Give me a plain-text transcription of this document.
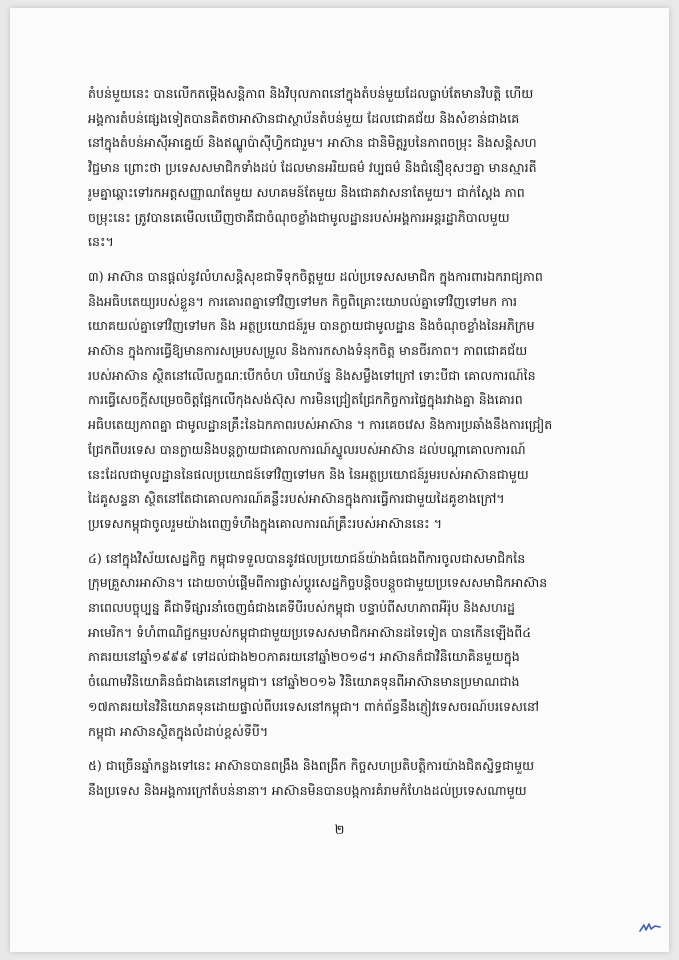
តំបន់មួយនេះ បានលើកតម្កើងសន្តិភាព និងវិបុលភាពនៅក្នុងតំបន់មួយដែលធ្លាប់តែមានវិបត្តិ ហើយ
អង្គការតំបន់ផ្សេងទៀតបានគិតថាអាស៊ានជាស្ថាប័នតំបន់មួយ ដែលជោគជ័យ និងសំខាន់ជាងគេ
នៅក្នុងតំបន់អាស៊ីអាគ្នេយ៍ និងឥណ្ឌូប៉ាស៊ីហ្វិកជារួម។ អាស៊ាន ជានិមិត្តរូបនៃភាពចម្រុះ និងសន្តិសហ
វិជ្ជមាន ព្រោះថា ប្រទេសសមាជិកទាំងដប់ ដែលមានអរិយធម៌ វប្បធម៌ និងជំនឿខុសៗគ្នា មានស្មារតី
រួមគ្នាឆ្ពោះទៅរកអត្តសញ្ញាណតែមួយ សហគមន៍តែមួយ និងជោគវាសនាតែមួយ។ ជាក់ស្តែង ភាព
ចម្រុះនេះ ត្រូវបានគេមើលឃើញថាគឺជាចំណុចខ្លាំងជាមូលដ្ឋានរបស់អង្គការអន្តរដ្ឋាភិបាលមួយ
នេះ។

៣) អាស៊ាន បានផ្តល់នូវលំហសន្តិសុខជាទីទុកចិត្តមួយ ដល់ប្រទេសសមាជិក ក្នុងការពារឯករាជ្យភាព
និងអធិបតេយ្យរបស់ខ្លួន។ ការគោរពគ្នាទៅវិញទៅមក កិច្ចពិគ្រោះយោបល់គ្នាទៅវិញទៅមក ការ
យោគយល់គ្នាទៅវិញទៅមក និង អត្ថប្រយោជន៍រួម បានក្លាយជាមូលដ្ឋាន និងចំណុចខ្លាំងនៃអភិក្រម
អាស៊ាន ក្នុងការធ្វើឱ្យមានការសម្របសម្រួល និងការកសាងទំនុកចិត្ត មានចីរភាព។ ភាពជោគជ័យ
របស់អាស៊ាន ស្ថិតនៅលើលក្ខណៈបើកចំហ បរិយាប័ន្ន និងសម្លឹងទៅក្រៅ ទោះបីជា គោលការណ៍នៃ
ការធ្វើសេចក្តីសម្រេចចិត្តផ្អែកលើកុងសង់ស៊ុស ការមិនជ្រៀតជ្រែកកិច្ចការផ្ទៃក្នុងរវាងគ្នា និងគោរព
អធិបតេយ្យភាពគ្នា ជាមូលដ្ឋានគ្រឹះនៃឯកភាពរបស់អាស៊ាន ។ ការគេចវេស និងការប្រឆាំងនឹងការជ្រៀត
ជ្រែកពីបរទេស បានក្លាយនិងបន្តក្លាយជាគោលការណ៍ស្នូលរបស់អាស៊ាន ដល់បណ្ដាគោលការណ៍
នេះដែលជាមូលដ្ឋាននៃផលប្រយោជន៍ទៅវិញទៅមក និង នៃអត្ថប្រយោជន៍រួមរបស់អាស៊ានជាមួយ
ដៃគូសន្ទនា ស្ថិតនៅតែជាគោលការណ៍គន្លឹះរបស់អាស៊ានក្នុងការធ្វើការជាមួយដៃគូខាងក្រៅ។
ប្រទេសកម្ពុជាចូលរួមយ៉ាងពេញទំហឹងក្នុងគោលការណ៍គ្រឹះរបស់អាស៊ាននេះ ។

៤) នៅក្នុងវិស័យសេដ្ឋកិច្ច កម្ពុជាទទួលបាននូវផលប្រយោជន៍យ៉ាងធំធេងពីការចូលជាសមាជិកនៃ
ក្រុមគ្រួសារអាស៊ាន។ ដោយចាប់ផ្តើមពីការផ្លាស់ប្តូរសេដ្ឋកិច្ចបន្តិចបន្តួចជាមួយប្រទេសសមាជិកអាស៊ាន
នាពេលបច្ចុប្បន្ន គឺជាទីផ្សារនាំចេញធំជាងគេទីបីរបស់កម្ពុជា បន្ទាប់ពីសហភាពអឺរ៉ុប និងសហរដ្ឋ
អាមេរិក។ ទំហំពាណិជ្ជកម្មរបស់កម្ពុជាជាមួយប្រទេសសមាជិកអាស៊ានដទៃទៀត បានកើនឡើងពី៤
ភាគរយនៅឆ្នាំ១៩៩៩ ទៅដល់ជាង២០ភាគរយនៅឆ្នាំ២០១៨។ អាស៊ានក៏ជាវិនិយោគិនមួយក្នុង
ចំណោមវិនិយោគិនធំជាងគេនៅកម្ពុជា។ នៅឆ្នាំ២០១៦ វិនិយោគទុនពីអាស៊ានមានប្រមាណជាង
១៧ភាគរយនៃវិនិយោគទុនដោយផ្ទាល់ពីបរទេសនៅកម្ពុជា។ ពាក់ព័ន្ធនឹងភ្ញៀវទេសចរណ៍បរទេសនៅ
កម្ពុជា អាស៊ានស្ថិតក្នុងលំដាប់ខ្ពស់ទីបី។

៥) ជាច្រើនឆ្នាំកន្លងទៅនេះ អាស៊ានបានពង្រឹង និងពង្រីក កិច្ចសហប្រតិបត្តិការយ៉ាងជិតស្និទ្ធជាមួយ
នឹងប្រទេស និងអង្គការក្រៅតំបន់នានា។ អាស៊ានមិនបានបង្កការគំរាមកំហែងដល់ប្រទេសណាមួយ

២
